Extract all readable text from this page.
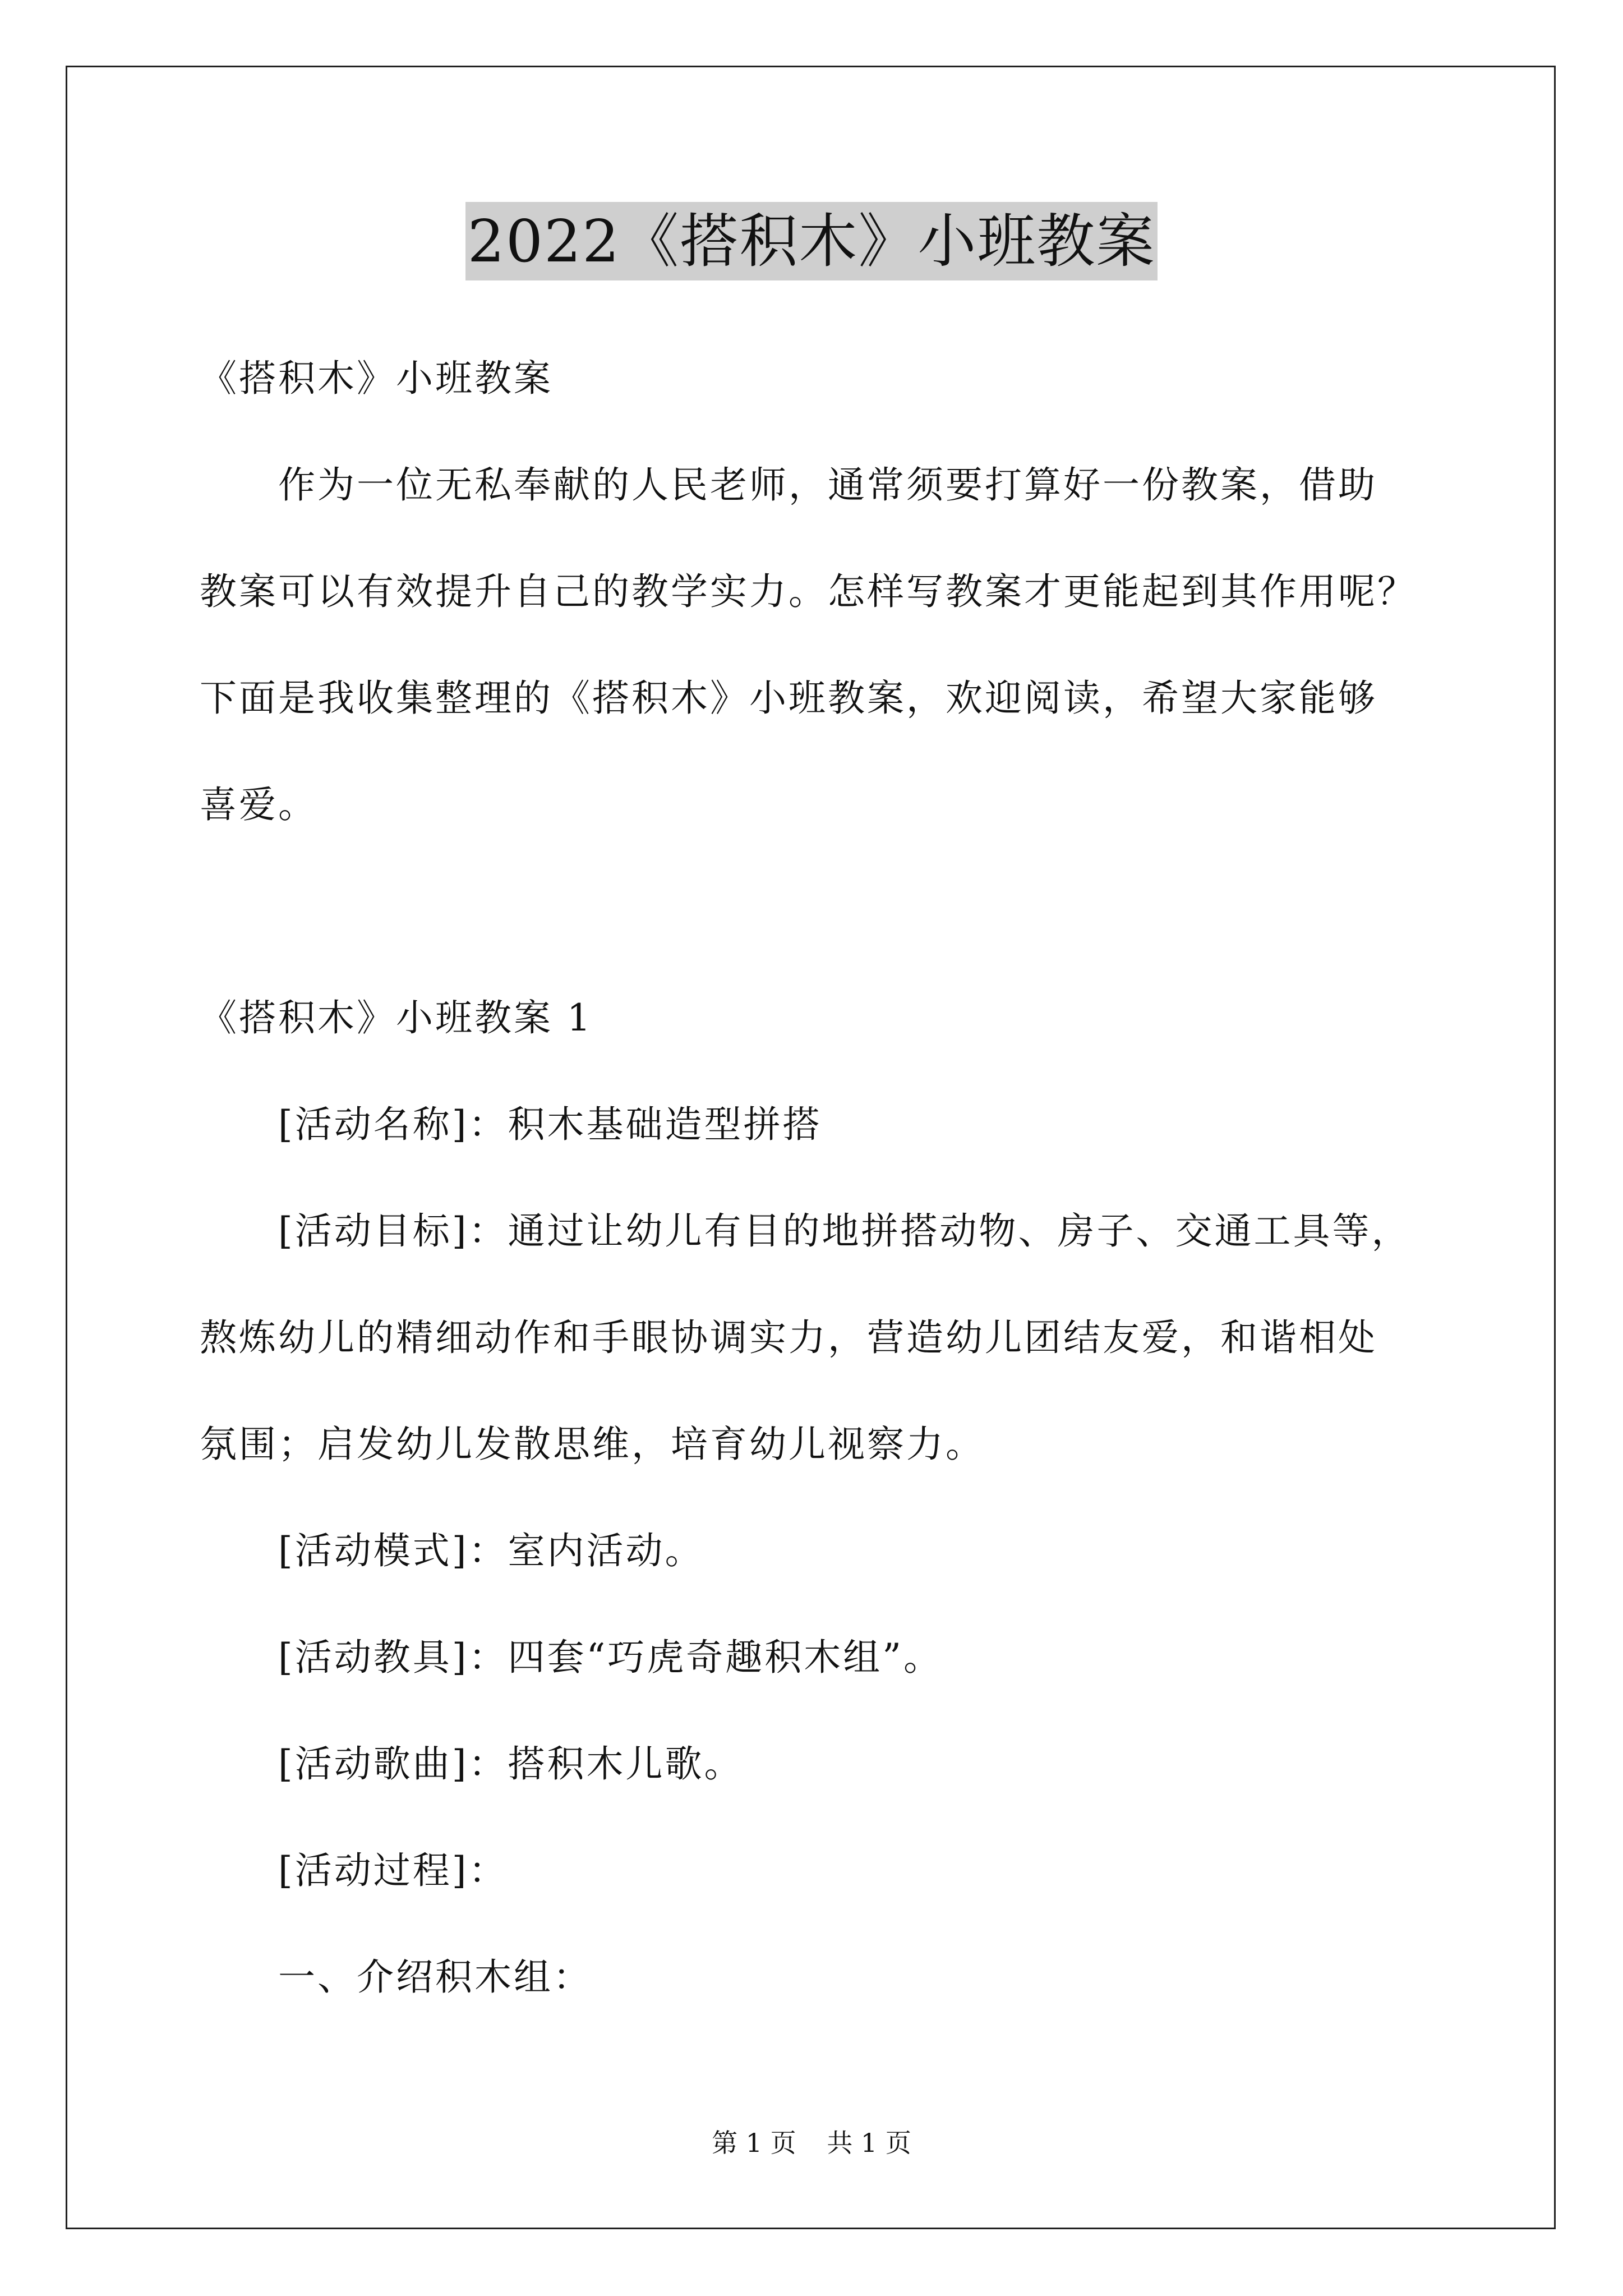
2022《搭积木》小班教案
《搭积木》小班教案
作为一位无私奉献的人民老师，通常须要打算好一份教案，借助
教案可以有效提升自己的教学实力。怎样写教案才更能起到其作用呢？
下面是我收集整理的《搭积木》小班教案，欢迎阅读，希望大家能够
喜爱。
《搭积木》小班教案 1
[活动名称]：积木基础造型拼搭
[活动目标]：通过让幼儿有目的地拼搭动物、房子、交通工具等，
熬炼幼儿的精细动作和手眼协调实力，营造幼儿团结友爱，和谐相处
氛围；启发幼儿发散思维，培育幼儿视察力。
[活动模式]：室内活动。
[活动教具]：四套“巧虎奇趣积木组”。
[活动歌曲]：搭积木儿歌。
[活动过程]：
一、介绍积木组：
第 1 页 共 1 页
